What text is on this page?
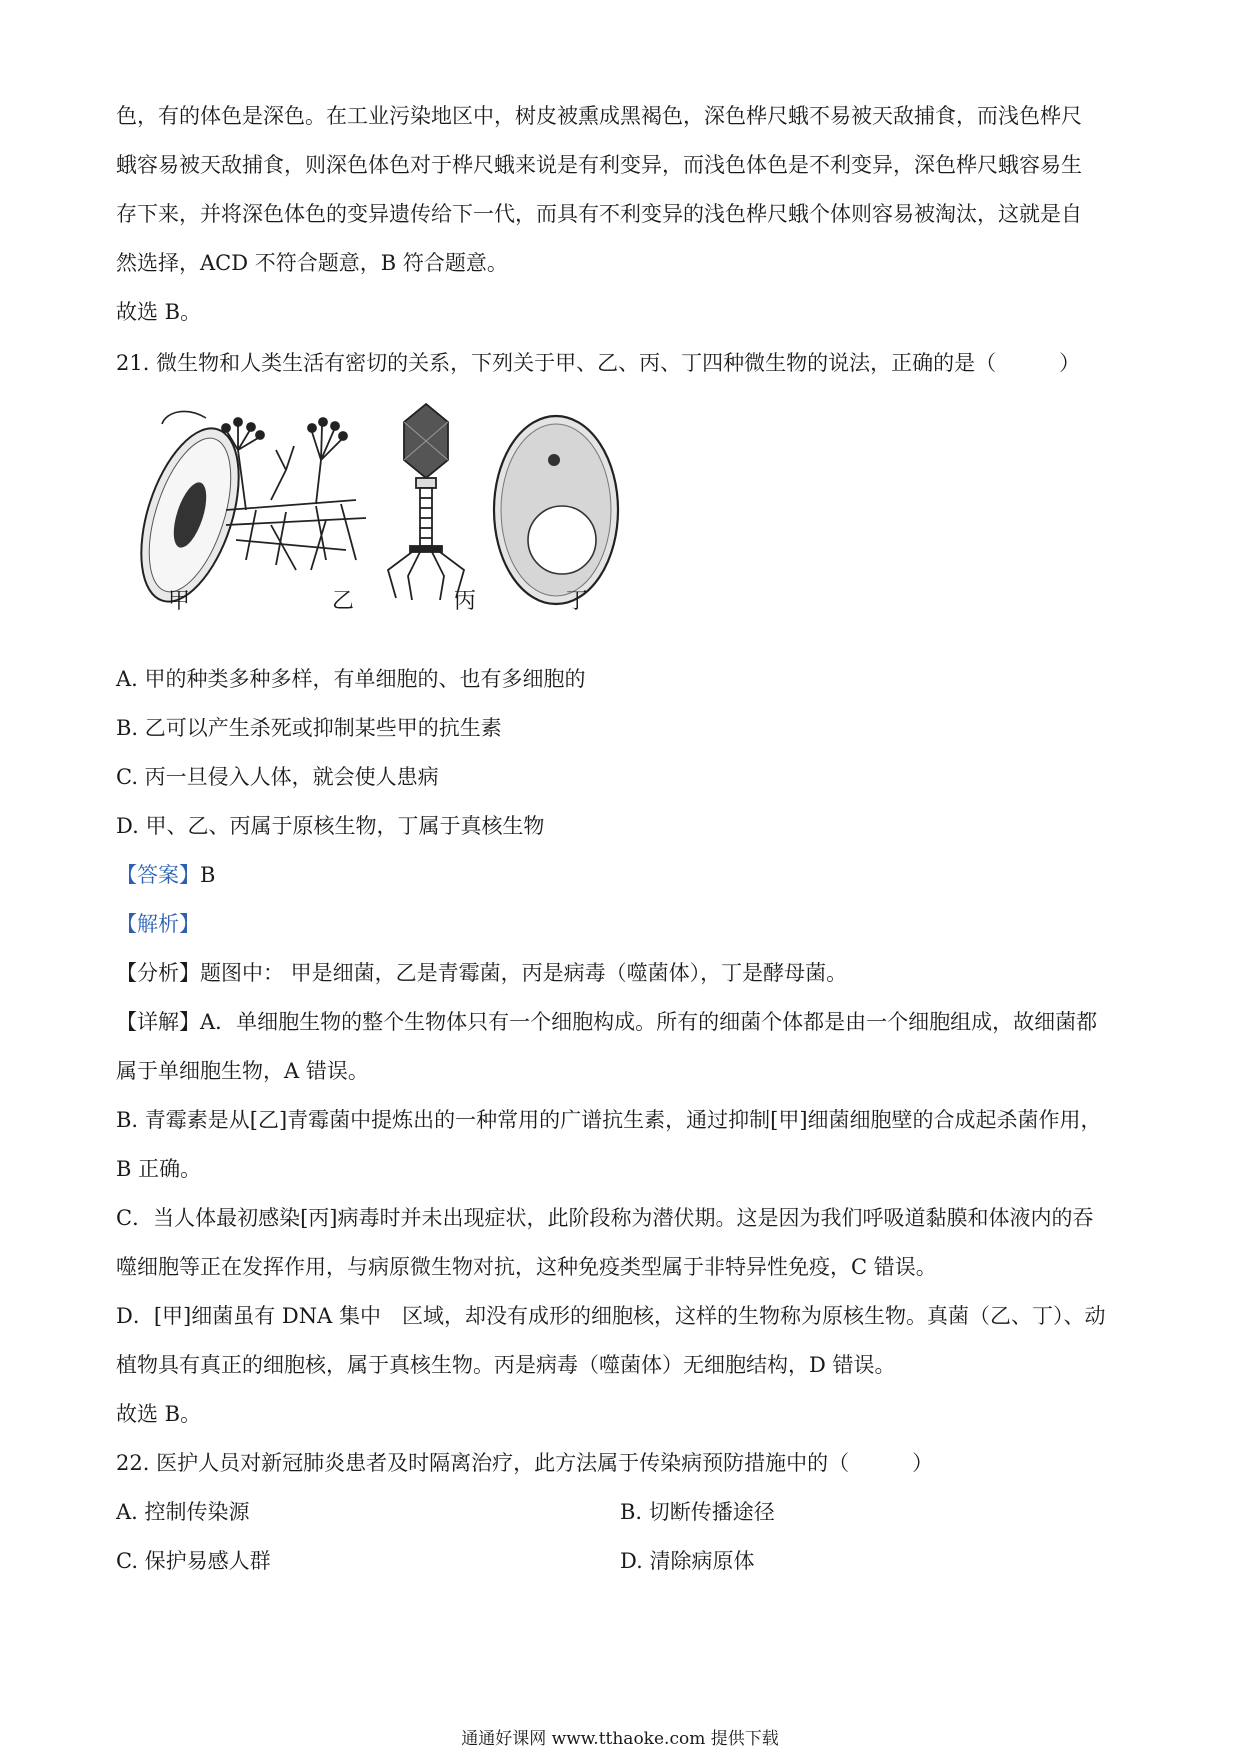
色，有的体色是深色。在工业污染地区中，树皮被熏成黑褐色，深色桦尺蛾不易被天敌捕食，而浅色桦尺
蛾容易被天敌捕食，则深色体色对于桦尺蛾来说是有利变异，而浅色体色是不利变异，深色桦尺蛾容易生
存下来，并将深色体色的变异遗传给下一代，而具有不利变异的浅色桦尺蛾个体则容易被淘汰，这就是自
然选择，ACD 不符合题意，B 符合题意。
故选 B。
21. 微生物和人类生活有密切的关系，下列关于甲、乙、丙、丁四种微生物的说法，正确的是（　　　）
甲	乙	丙	丁
A. 甲的种类多种多样，有单细胞的、也有多细胞的
B. 乙可以产生杀死或抑制某些甲的抗生素
C. 丙一旦侵入人体，就会使人患病
D. 甲、乙、丙属于原核生物，丁属于真核生物
【答案】B
【解析】
【分析】题图中： 甲是细菌，乙是青霉菌，丙是病毒（噬菌体），丁是酵母菌。
【详解】A．单细胞生物的整个生物体只有一个细胞构成。所有的细菌个体都是由一个细胞组成，故细菌都
属于单细胞生物，A 错误。
B. 青霉素是从[乙]青霉菌中提炼出的一种常用的广谱抗生素，通过抑制[甲]细菌细胞壁的合成起杀菌作用，
B 正确。
C．当人体最初感染[丙]病毒时并未出现症状，此阶段称为潜伏期。这是因为我们呼吸道黏膜和体液内的吞
噬细胞等正在发挥作用，与病原微生物对抗，这种免疫类型属于非特异性免疫，C 错误。
D．[甲]细菌虽有 DNA 集中　区域，却没有成形的细胞核，这样的生物称为原核生物。真菌（乙、丁）、动
植物具有真正的细胞核，属于真核生物。丙是病毒（噬菌体）无细胞结构，D 错误。
故选 B。
22. 医护人员对新冠肺炎患者及时隔离治疗，此方法属于传染病预防措施中的（　　　）
A. 控制传染源	B. 切断传播途径
C. 保护易感人群	D. 清除病原体
通通好课网 www.tthaoke.com 提供下载
